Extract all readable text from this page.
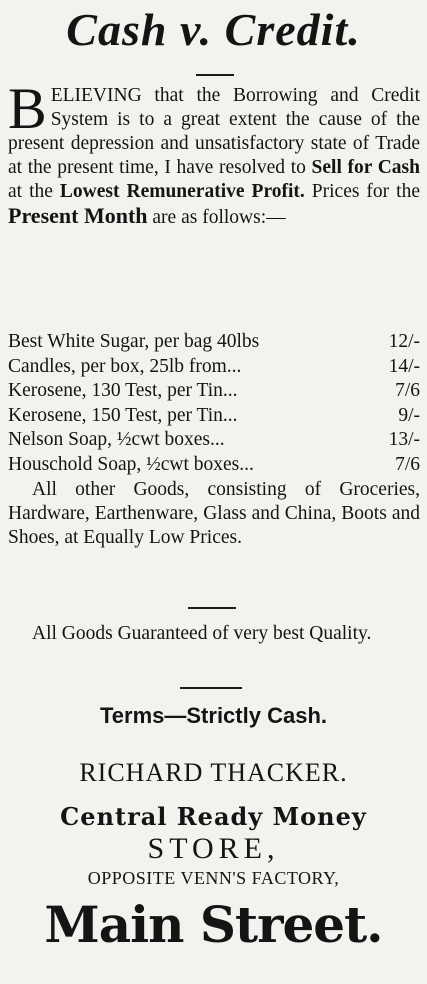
Cash v. Credit.

BELIEVING that the Borrowing and Credit System is to a great extent the cause of the present depression and unsatisfactory state of Trade at the present time, I have resolved to Sell for Cash at the Lowest Remunerative Profit. Prices for the Present Month are as follows:—

Best White Sugar, per bag 40lbs	12/-
Candles, per box, 25lb from...	14/-
Kerosene, 130 Test, per Tin...	7/6
Kerosene, 150 Test, per Tin...	9/-
Nelson Soap, ½cwt boxes...	13/-
Houschold Soap, ½cwt boxes...	7/6

All other Goods, consisting of Groceries, Hardware, Earthenware, Glass and China, Boots and Shoes, at Equally Low Prices.

All Goods Guaranteed of very best Quality.

Terms—Strictly Cash.
RICHARD THACKER.
Central Ready Money
STORE,
OPPOSITE VENN'S FACTORY,
Main Street.
